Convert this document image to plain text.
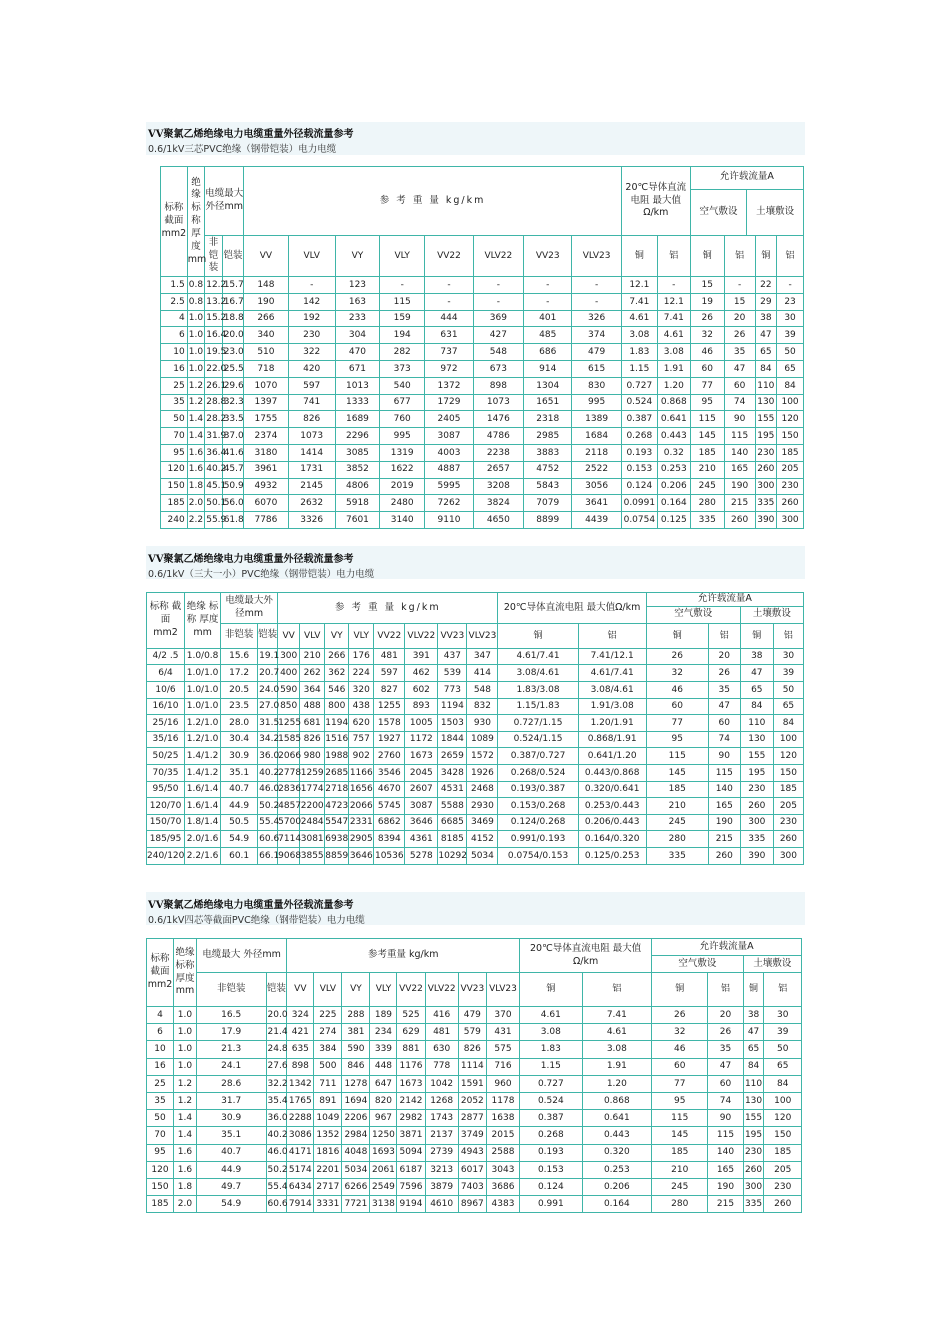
VV聚氯乙烯绝缘电力电缆重量外径载流量参考
0.6/1kV三芯PVC绝缘（钢带铠装）电力电缆
标称截面mm2	绝缘标称厚度mm	电缆最大外径mm	参 考 重 量 kg/km	20℃导体直流电阻 最大值Ω/km	
允许载流量A
空气敷设	土壤敷设

非铠装	铠装	VV	VLV	VY	VLY	VV22	VLV22	VV23	VLV23	铜	铝	铜	铝	铜	铝
1.5	0.8	12.2	15.7	148	-	123	-	-	-	-	-	12.1	-	15	-	22	-
2.5	0.8	13.2	16.7	190	142	163	115	-	-	-	-	7.41	12.1	19	15	29	23
4	1.0	15.2	18.8	266	192	233	159	444	369	401	326	4.61	7.41	26	20	38	30
6	1.0	16.4	20.0	340	230	304	194	631	427	485	374	3.08	4.61	32	26	47	39
10	1.0	19.5	23.0	510	322	470	282	737	548	686	479	1.83	3.08	46	35	65	50
16	1.0	22.0	25.5	718	420	671	373	972	673	914	615	1.15	1.91	60	47	84	65
25	1.2	26.1	29.6	1070	597	1013	540	1372	898	1304	830	0.727	1.20	77	60	110	84
35	1.2	28.8	32.3	1397	741	1333	677	1729	1073	1651	995	0.524	0.868	95	74	130	100
50	1.4	28.2	33.5	1755	826	1689	760	2405	1476	2318	1389	0.387	0.641	115	90	155	120
70	1.4	31.9	37.0	2374	1073	2296	995	3087	4786	2985	1684	0.268	0.443	145	115	195	150
95	1.6	36.4	41.6	3180	1414	3085	1319	4003	2238	3883	2118	0.193	0.32	185	140	230	185
120	1.6	40.2	45.7	3961	1731	3852	1622	4887	2657	4752	2522	0.153	0.253	210	165	260	205
150	1.8	45.1	50.9	4932	2145	4806	2019	5995	3208	5843	3056	0.124	0.206	245	190	300	230
185	2.0	50.1	56.0	6070	2632	5918	2480	7262	3824	7079	3641	0.0991	0.164	280	215	335	260
240	2.2	55.9	61.8	7786	3326	7601	3140	9110	4650	8899	4439	0.0754	0.125	335	260	390	300
VV聚氯乙烯绝缘电力电缆重量外径载流量参考
0.6/1kV（三大一小）PVC绝缘（钢带铠装）电力电缆
标称 截面 mm2	绝缘 标称 厚度 mm	电缆最大外径mm		参 考 重 量 kg/km								20℃导体直流电阻 最大值Ω/km		允许载流量A			
														空气敷设		土壤敷设	
		非铠装	铠装	VV	VLV	VY	VLY	VV22	VLV22	VV23	VLV23	铜	铝	铜	铝	铜	铝
4/2 .5	1.0/0.8	15.6	19.1	300	210	266	176	481	391	437	347	4.61/7.41	7.41/12.1	26	20	38	30
6/4	1.0/1.0	17.2	20.7	400	262	362	224	597	462	539	414	3.08/4.61	4.61/7.41	32	26	47	39
10/6	1.0/1.0	20.5	24.0	590	364	546	320	827	602	773	548	1.83/3.08	3.08/4.61	46	35	65	50
16/10	1.0/1.0	23.5	27.0	850	488	800	438	1255	893	1194	832	1.15/1.83	1.91/3.08	60	47	84	65
25/16	1.2/1.0	28.0	31.5	1255	681	1194	620	1578	1005	1503	930	0.727/1.15	1.20/1.91	77	60	110	84
35/16	1.2/1.0	30.4	34.2	1585	826	1516	757	1927	1172	1844	1089	0.524/1.15	0.868/1.91	95	74	130	100
50/25	1.4/1.2	30.9	36.0	2066	980	1988	902	2760	1673	2659	1572	0.387/0.727	0.641/1.20	115	90	155	120
70/35	1.4/1.2	35.1	40.2	2778	1259	2685	1166	3546	2045	3428	1926	0.268/0.524	0.443/0.868	145	115	195	150
95/50	1.6/1.4	40.7	46.0	2836	1774	2718	1656	4670	2607	4531	2468	0.193/0.387	0.320/0.641	185	140	230	185
120/70	1.6/1.4	44.9	50.2	4857	2200	4723	2066	5745	3087	5588	2930	0.153/0.268	0.253/0.443	210	165	260	205
150/70	1.8/1.4	50.5	55.4	5700	2484	5547	2331	6862	3646	6685	3469	0.124/0.268	0.206/0.443	245	190	300	230
185/95	2.0/1.6	54.9	60.6	7114	3081	6938	2905	8394	4361	8185	4152	0.991/0.193	0.164/0.320	280	215	335	260
240/120	2.2/1.6	60.1	66.1	9068	3855	8859	3646	10536	5278	10292	5034	0.0754/0.153	0.125/0.253	335	260	390	300
VV聚氯乙烯绝缘电力电缆重量外径载流量参考
0.6/1kV四芯等截面PVC绝缘（钢带铠装）电力电缆
标称截面mm2	绝缘标称厚度mm	电缆最大 外径mm		参考重量 kg/km								20℃导体直流电阻 最大值Ω/km		允许载流量A			
														空气敷设		土壤敷设	
		非铠装	铠装	VV	VLV	VY	VLY	VV22	VLV22	VV23	VLV23	铜	铝	铜	铝	铜	铝
4	1.0	16.5	20.0	324	225	288	189	525	416	479	370	4.61	7.41	26	20	38	30
6	1.0	17.9	21.4	421	274	381	234	629	481	579	431	3.08	4.61	32	26	47	39
10	1.0	21.3	24.8	635	384	590	339	881	630	826	575	1.83	3.08	46	35	65	50
16	1.0	24.1	27.6	898	500	846	448	1176	778	1114	716	1.15	1.91	60	47	84	65
25	1.2	28.6	32.2	1342	711	1278	647	1673	1042	1591	960	0.727	1.20	77	60	110	84
35	1.2	31.7	35.4	1765	891	1694	820	2142	1268	2052	1178	0.524	0.868	95	74	130	100
50	1.4	30.9	36.0	2288	1049	2206	967	2982	1743	2877	1638	0.387	0.641	115	90	155	120
70	1.4	35.1	40.2	3086	1352	2984	1250	3871	2137	3749	2015	0.268	0.443	145	115	195	150
95	1.6	40.7	46.0	4171	1816	4048	1693	5094	2739	4943	2588	0.193	0.320	185	140	230	185
120	1.6	44.9	50.2	5174	2201	5034	2061	6187	3213	6017	3043	0.153	0.253	210	165	260	205
150	1.8	49.7	55.4	6434	2717	6266	2549	7596	3879	7403	3686	0.124	0.206	245	190	300	230
185	2.0	54.9	60.6	7914	3331	7721	3138	9194	4610	8967	4383	0.991	0.164	280	215	335	260
